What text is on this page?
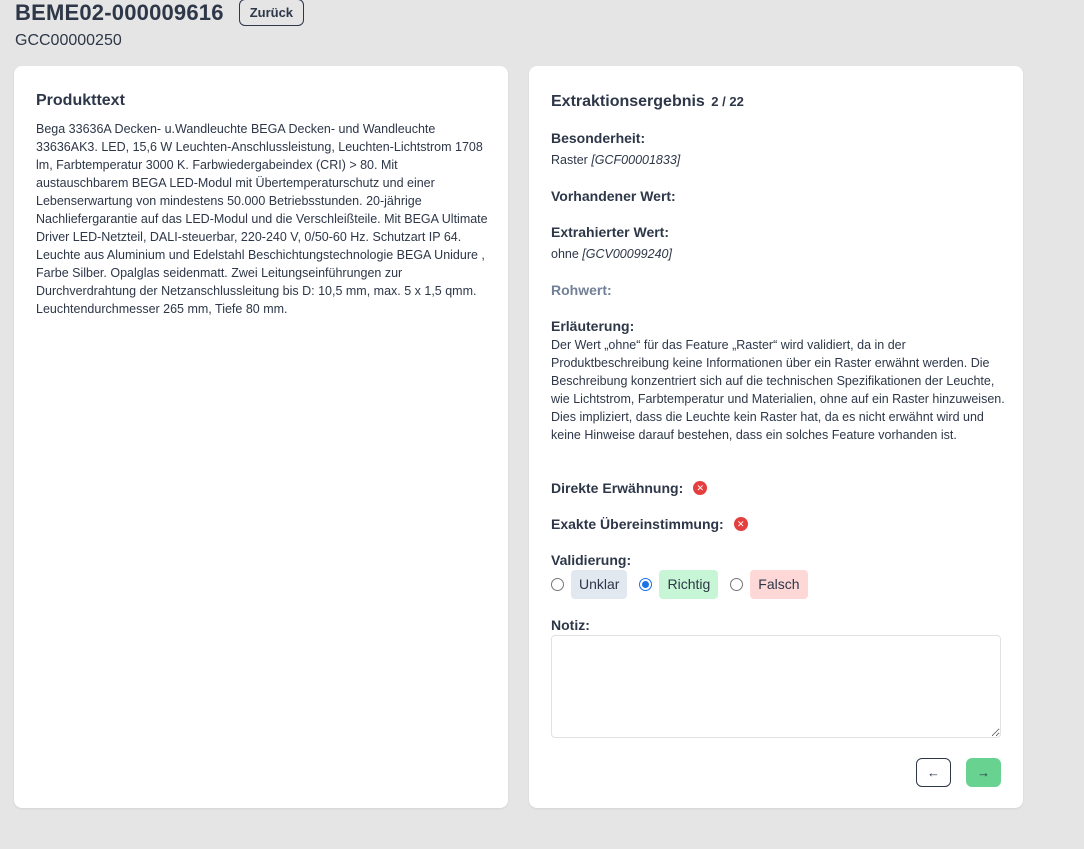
BEME02-000009616	Zurück
GCC00000250
Produkttext

Bega 33636A Decken- u.Wandleuchte BEGA Decken- und Wandleuchte 33636AK3. LED, 15,6 W Leuchten-Anschlussleistung, Leuchten-Lichtstrom 1708 lm, Farbtemperatur 3000 K. Farbwiedergabeindex (CRI) > 80. Mit austauschbarem BEGA LED-Modul mit Übertemperaturschutz und einer Lebenserwartung von mindestens 50.000 Betriebsstunden. 20-jährige Nachliefergarantie auf das LED-Modul und die Verschleißteile. Mit BEGA Ultimate Driver LED-Netzteil, DALI-steuerbar, 220-240 V, 0/50-60 Hz. Schutzart IP 64. Leuchte aus Aluminium und Edelstahl Beschichtungstechnologie BEGA Unidure , Farbe Silber. Opalglas seidenmatt. Zwei Leitungseinführungen zur Durchverdrahtung der Netzanschlussleitung bis D: 10,5 mm, max. 5 x 1,5 qmm. Leuchtendurchmesser 265 mm, Tiefe 80 mm.

Extraktionsergebnis 2 / 22
Besonderheit:
Raster [GCF00001833]
Vorhandener Wert:
Extrahierter Wert:
ohne [GCV00099240]
Rohwert:
Erläuterung:

Der Wert „ohne“ für das Feature „Raster“ wird validiert, da in der Produktbeschreibung keine Informationen über ein Raster erwähnt werden. Die Beschreibung konzentriert sich auf die technischen Spezifikationen der Leuchte, wie Lichtstrom, Farbtemperatur und Materialien, ohne auf ein Raster hinzuweisen. Dies impliziert, dass die Leuchte kein Raster hat, da es nicht erwähnt wird und keine Hinweise darauf bestehen, dass ein solches Feature vorhanden ist.

Direkte Erwähnung:	✕
Exakte Übereinstimmung:	✕
Validierung:
Unklar	Richtig	Falsch
Notiz:
←	→
